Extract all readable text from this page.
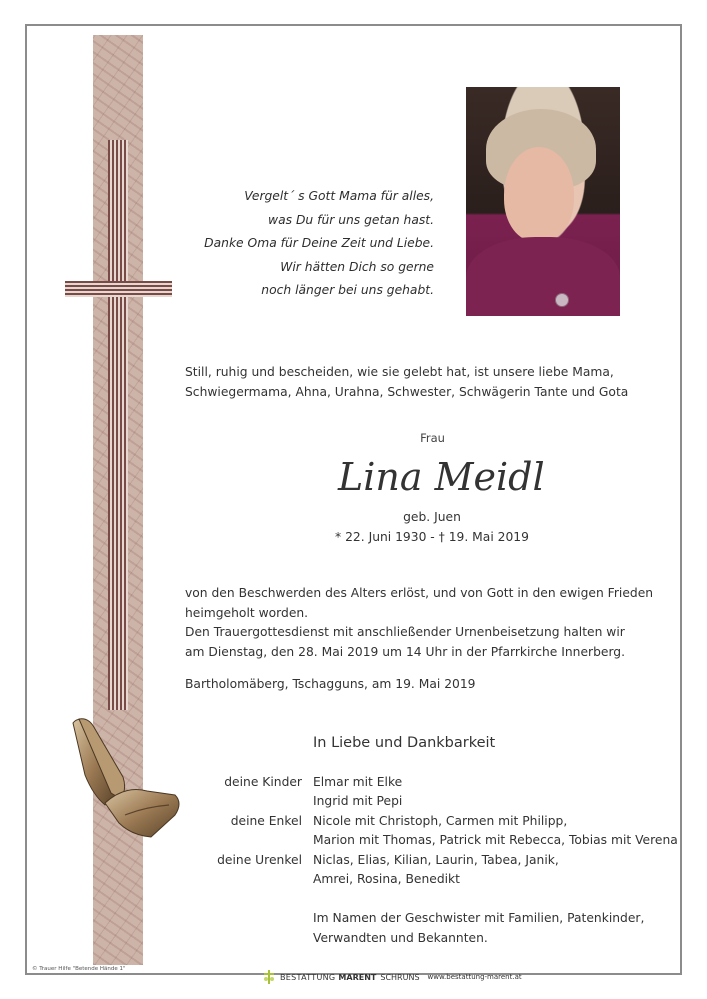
Vergelt´ s Gott Mama für alles,
was Du für uns getan hast.
Danke Oma für Deine Zeit und Liebe.
Wir hätten Dich so gerne
noch länger bei uns gehabt.
Still, ruhig und bescheiden, wie sie gelebt hat, ist unsere liebe Mama,
Schwiegermama, Ahna, Urahna, Schwester, Schwägerin Tante und Gota
Frau
Lina Meidl
geb. Juen
* 22. Juni 1930 - † 19. Mai 2019
von den Beschwerden des Alters erlöst, und von Gott in den ewigen Frieden
heimgeholt worden.
Den Trauergottesdienst mit anschließender Urnenbeisetzung halten wir
am Dienstag, den 28. Mai 2019 um 14 Uhr in der Pfarrkirche Innerberg.
Bartholomäberg, Tschagguns, am 19. Mai 2019
In Liebe und Dankbarkeit
deine Kinder Elmar mit Elke
Ingrid mit Pepi
deine Enkel Nicole mit Christoph, Carmen mit Philipp,
Marion mit Thomas, Patrick mit Rebecca, Tobias mit Verena
deine Urenkel Niclas, Elias, Kilian, Laurin, Tabea, Janik,
Amrei, Rosina, Benedikt
Im Namen der Geschwister mit Familien, Patenkinder,
Verwandten und Bekannten.
© Trauer Hilfe "Betende Hände 1"
BESTATTUNG MARENT SCHRUNS www.bestattung-marent.at
